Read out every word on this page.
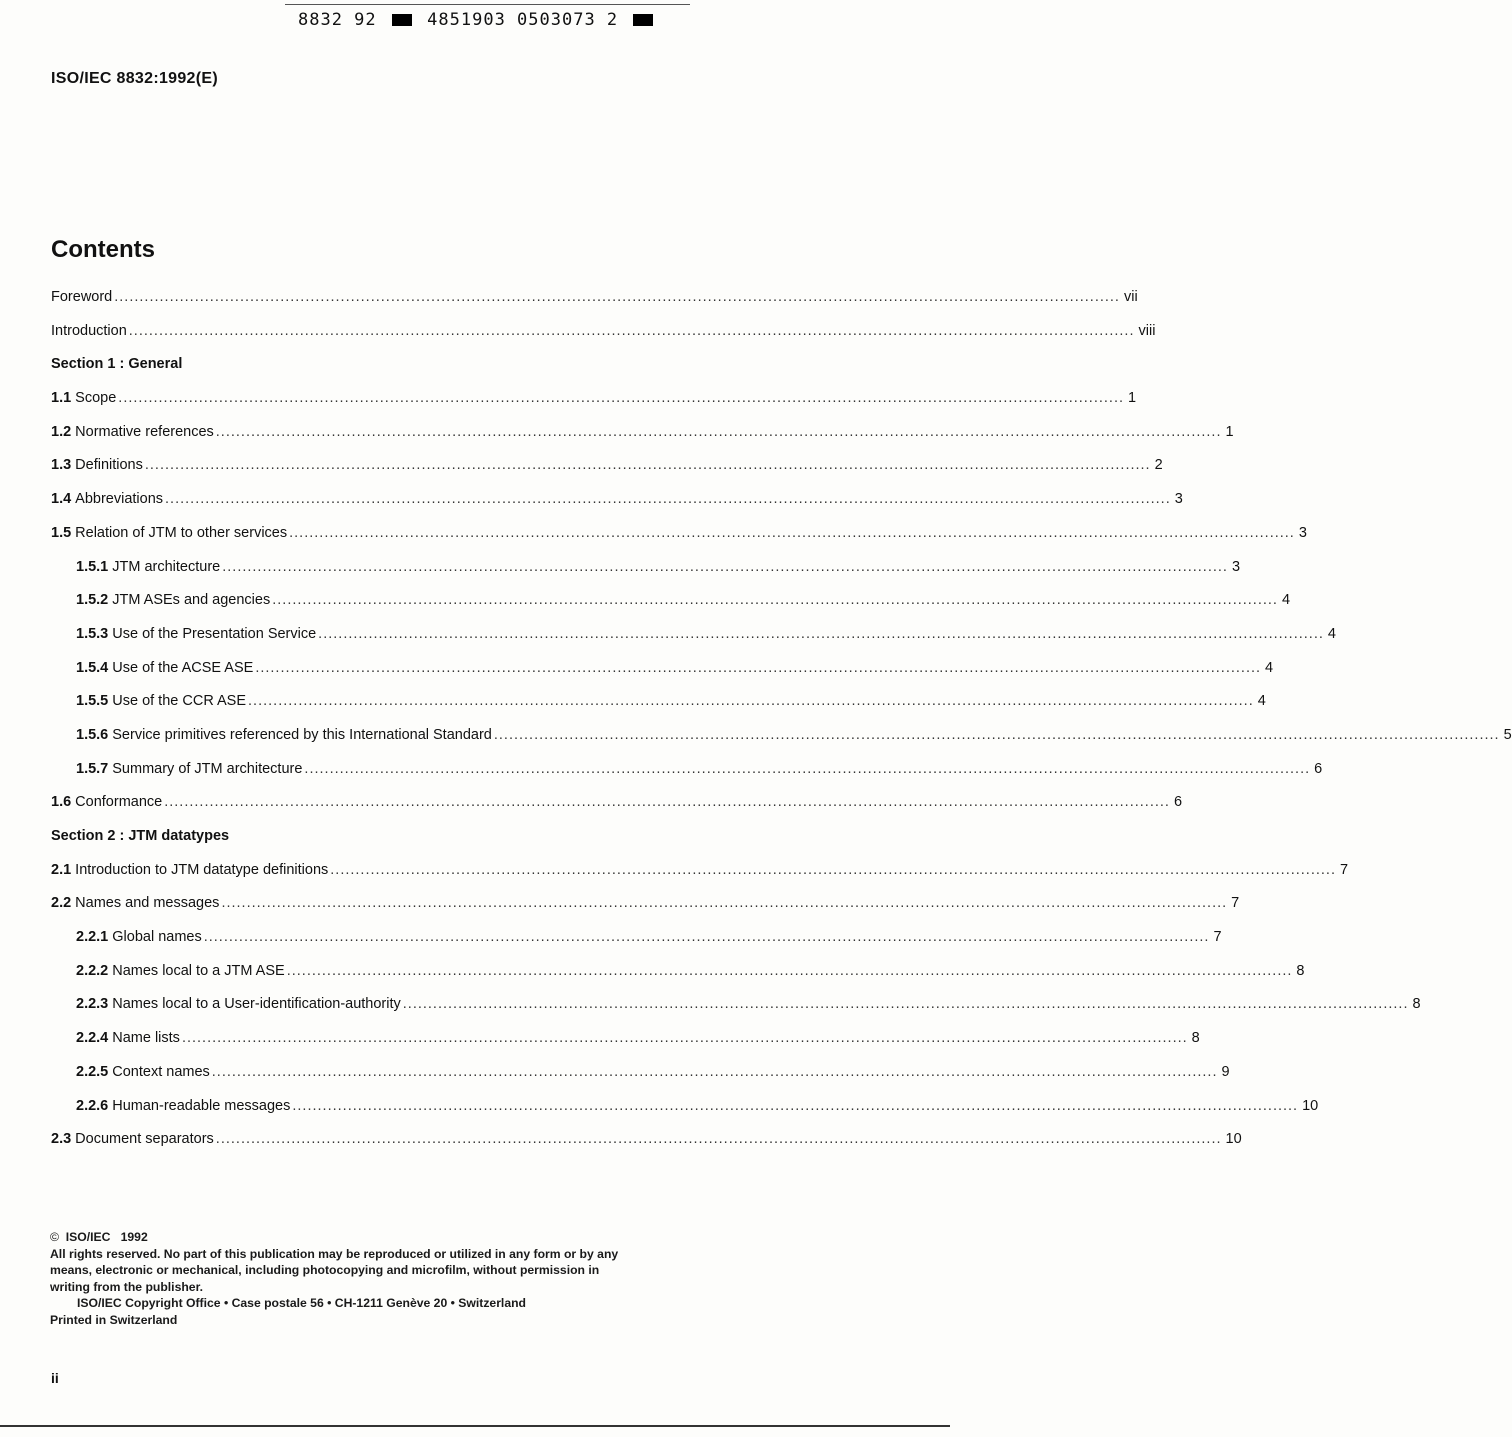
8832 92	4851903 0503073 2
ISO/IEC 8832:1992(E)
Contents
Foreword ........................................................................................................................................................................................................ vii
Introduction ........................................................................................................................................................................................................ viii
Section 1 : General
1.1 Scope ........................................................................................................................................................................................................ 1
1.2 Normative references ........................................................................................................................................................................................................ 1
1.3 Definitions ........................................................................................................................................................................................................ 2
1.4 Abbreviations ........................................................................................................................................................................................................ 3
1.5 Relation of JTM to other services ........................................................................................................................................................................................................ 3
1.5.1 JTM architecture ........................................................................................................................................................................................................ 3
1.5.2 JTM ASEs and agencies ........................................................................................................................................................................................................ 4
1.5.3 Use of the Presentation Service ........................................................................................................................................................................................................ 4
1.5.4 Use of the ACSE ASE ........................................................................................................................................................................................................ 4
1.5.5 Use of the CCR ASE ........................................................................................................................................................................................................ 4
1.5.6 Service primitives referenced by this International Standard ........................................................................................................................................................................................................ 5
1.5.7 Summary of JTM architecture ........................................................................................................................................................................................................ 6
1.6 Conformance ........................................................................................................................................................................................................ 6
Section 2 : JTM datatypes
2.1 Introduction to JTM datatype definitions ........................................................................................................................................................................................................ 7
2.2 Names and messages ........................................................................................................................................................................................................ 7
2.2.1 Global names ........................................................................................................................................................................................................ 7
2.2.2 Names local to a JTM ASE ........................................................................................................................................................................................................ 8
2.2.3 Names local to a User-identification-authority ........................................................................................................................................................................................................ 8
2.2.4 Name lists ........................................................................................................................................................................................................ 8
2.2.5 Context names ........................................................................................................................................................................................................ 9
2.2.6 Human-readable messages ........................................................................................................................................................................................................ 10
2.3 Document separators ........................................................................................................................................................................................................ 10
© ISO/IEC   1992
All rights reserved. No part of this publication may be reproduced or utilized in any form or by any means, electronic or mechanical, including photocopying and microfilm, without permission in writing from the publisher.
ISO/IEC Copyright Office • Case postale 56 • CH-1211 Genève 20 • Switzerland
Printed in Switzerland
ii
